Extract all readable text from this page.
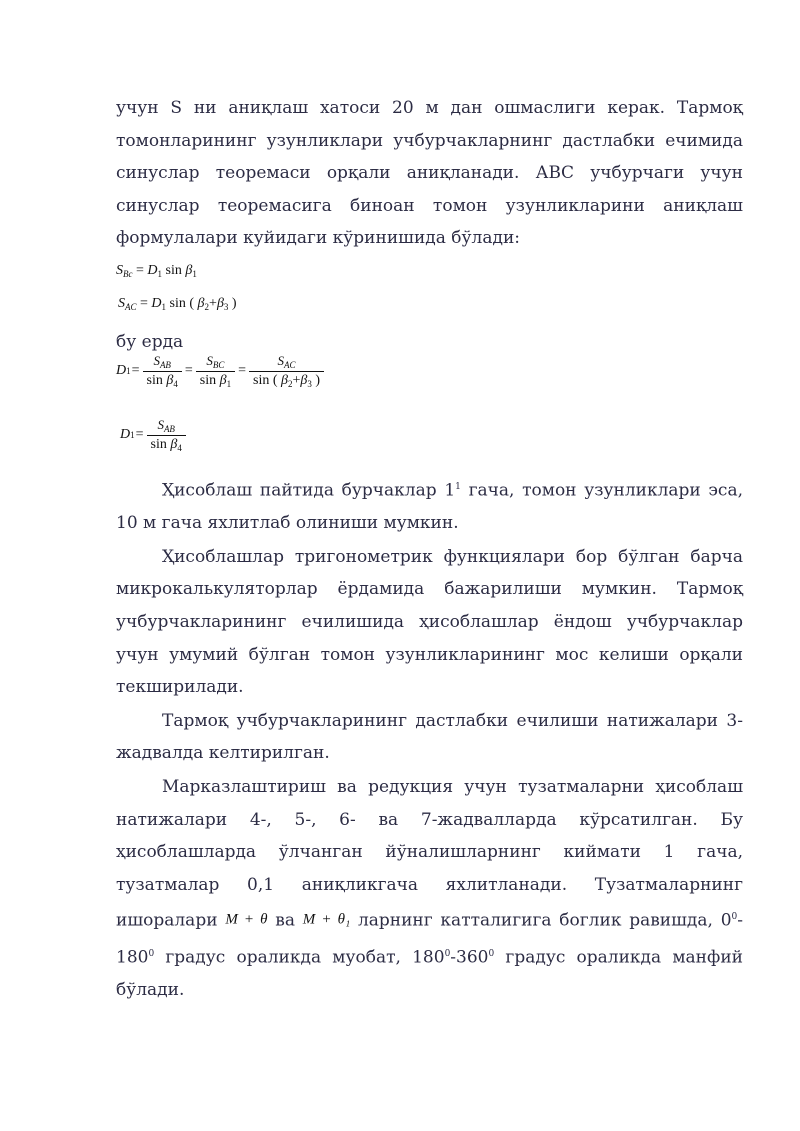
учун S ни аниқлаш хатоси 20 м дан ошмаслиги керак. Тармоқ томонларининг узунликлари учбурчакларнинг дастлабки ечимида синуслар теоремаси орқали аниқланади. АВС учбурчаги учун синуслар теоремасига биноан томон узунликларини аниқлаш формулалари куйидаги кўринишида бўлади:

$S_{Bc} = D_1$ $\sin \beta_1$
$S_{AC} = D_1$ sin ( $\beta_2+\beta_3$ )

бу ерда

D $1 = \frac{S_{AB}}{\sin \beta_4} = \frac{S_{BC}}{\sin \beta_1} = \frac{S_{AC}}{\sin ( \beta_2+\beta_3 )}$
D $1 = \frac{S_{AB}}{\sin \beta_4}$

Ҳисоблаш пайтида бурчаклар $1^1$ гача, томон узунликлари эса, 10 м гача яхлитлаб олиниши мумкин.

Ҳисоблашлар тригонометрик функциялари бор бўлган барча микрокалькуляторлар ёрдамида бажарилиши мумкин. Тармоқ учбурчакларининг ечилишида ҳисоблашлар ёндош учбурчаклар учун умумий бўлган томон узунликларининг мос келиши орқали текширилади.

Тармоқ учбурчакларининг дастлабки ечилиши натижалари 3-жадвалда келтирилган.

Марказлаштириш ва редукция учун тузатмаларни ҳисоблаш натижалари 4-, 5-, 6- ва 7-жадвалларда кўрсатилган. Бу ҳисоблашларда ўлчанган йўналишларнинг киймати 1 гача, тузатмалар 0,1 аниқликгача яхлитланади. Тузатмаларнинг ишоралари M + θ ва M + θ₁ ларнинг катталигига боглик равишда, $0^0-180^0$ градус ораликда муобат, $180^0-360^0$ градус ораликда манфий бўлади.
